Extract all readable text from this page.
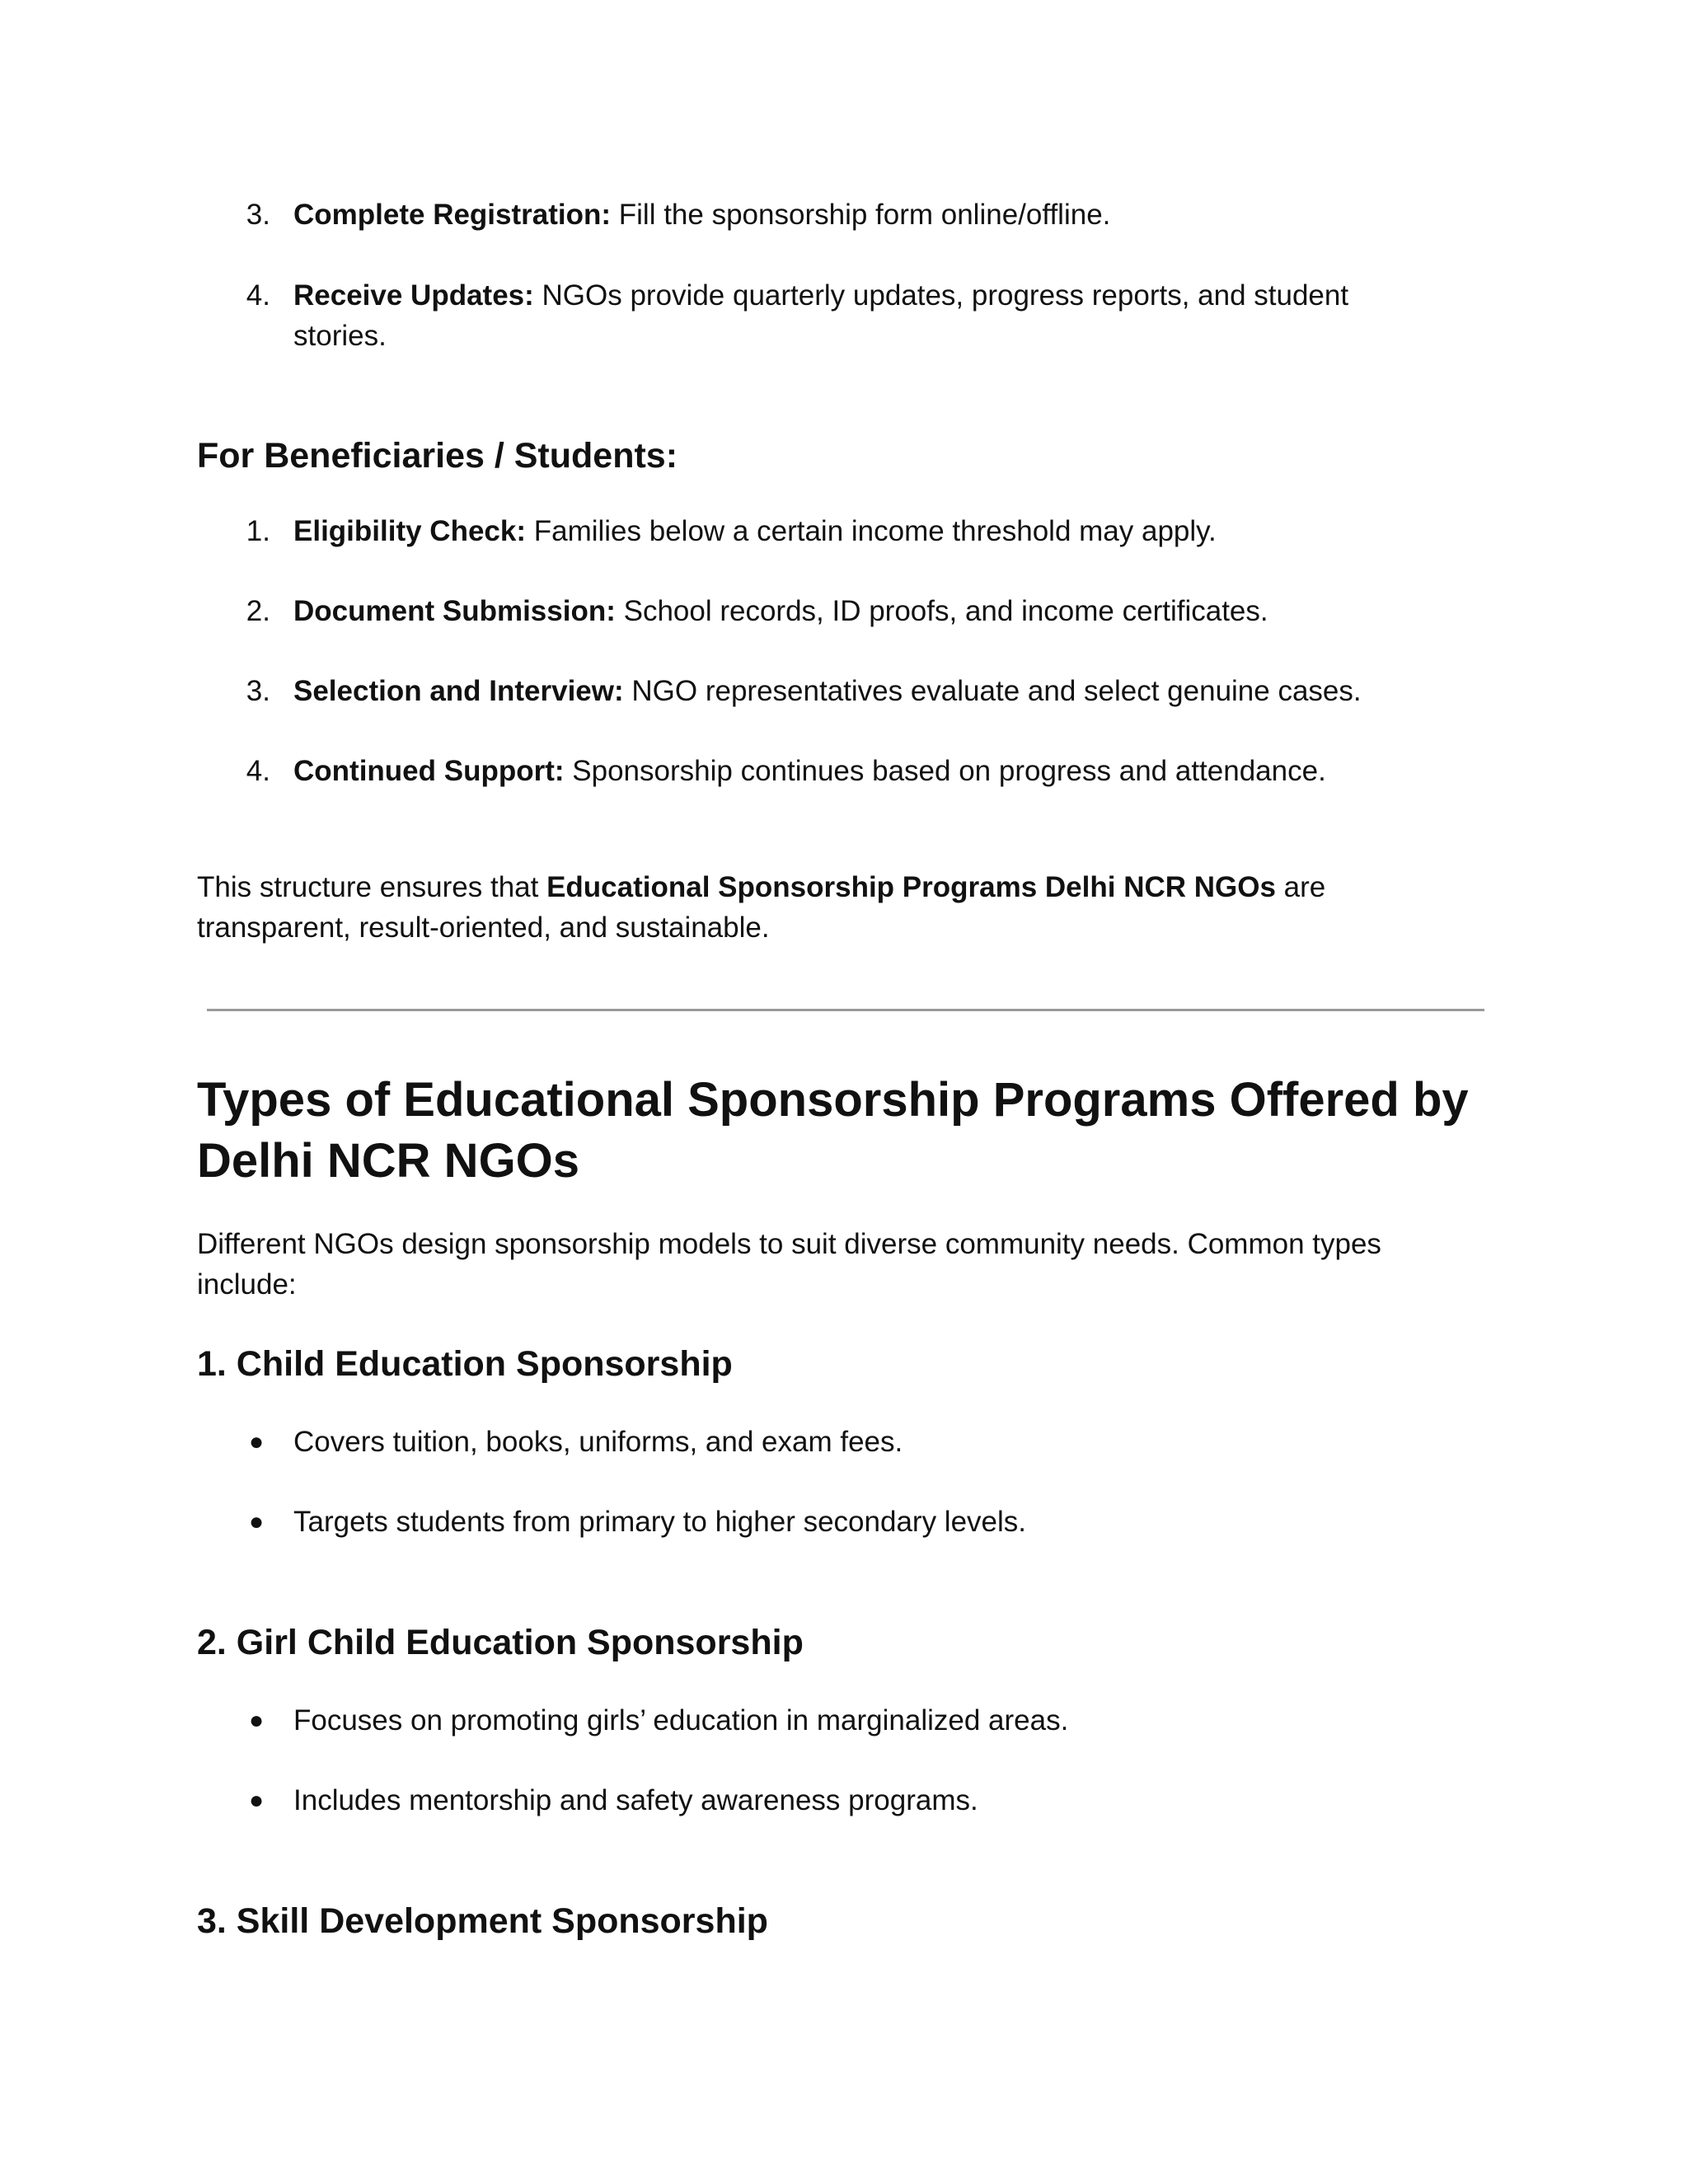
3. Complete Registration: Fill the sponsorship form online/offline.
4. Receive Updates: NGOs provide quarterly updates, progress reports, and student
stories.
For Beneficiaries / Students:
1. Eligibility Check: Families below a certain income threshold may apply.
2. Document Submission: School records, ID proofs, and income certificates.
3. Selection and Interview: NGO representatives evaluate and select genuine cases.
4. Continued Support: Sponsorship continues based on progress and attendance.
This structure ensures that Educational Sponsorship Programs Delhi NCR NGOs are
transparent, result-oriented, and sustainable.
Types of Educational Sponsorship Programs Offered by
Delhi NCR NGOs
Different NGOs design sponsorship models to suit diverse community needs. Common types
include:
1. Child Education Sponsorship
● Covers tuition, books, uniforms, and exam fees.
● Targets students from primary to higher secondary levels.
2. Girl Child Education Sponsorship
● Focuses on promoting girls’ education in marginalized areas.
● Includes mentorship and safety awareness programs.
3. Skill Development Sponsorship
